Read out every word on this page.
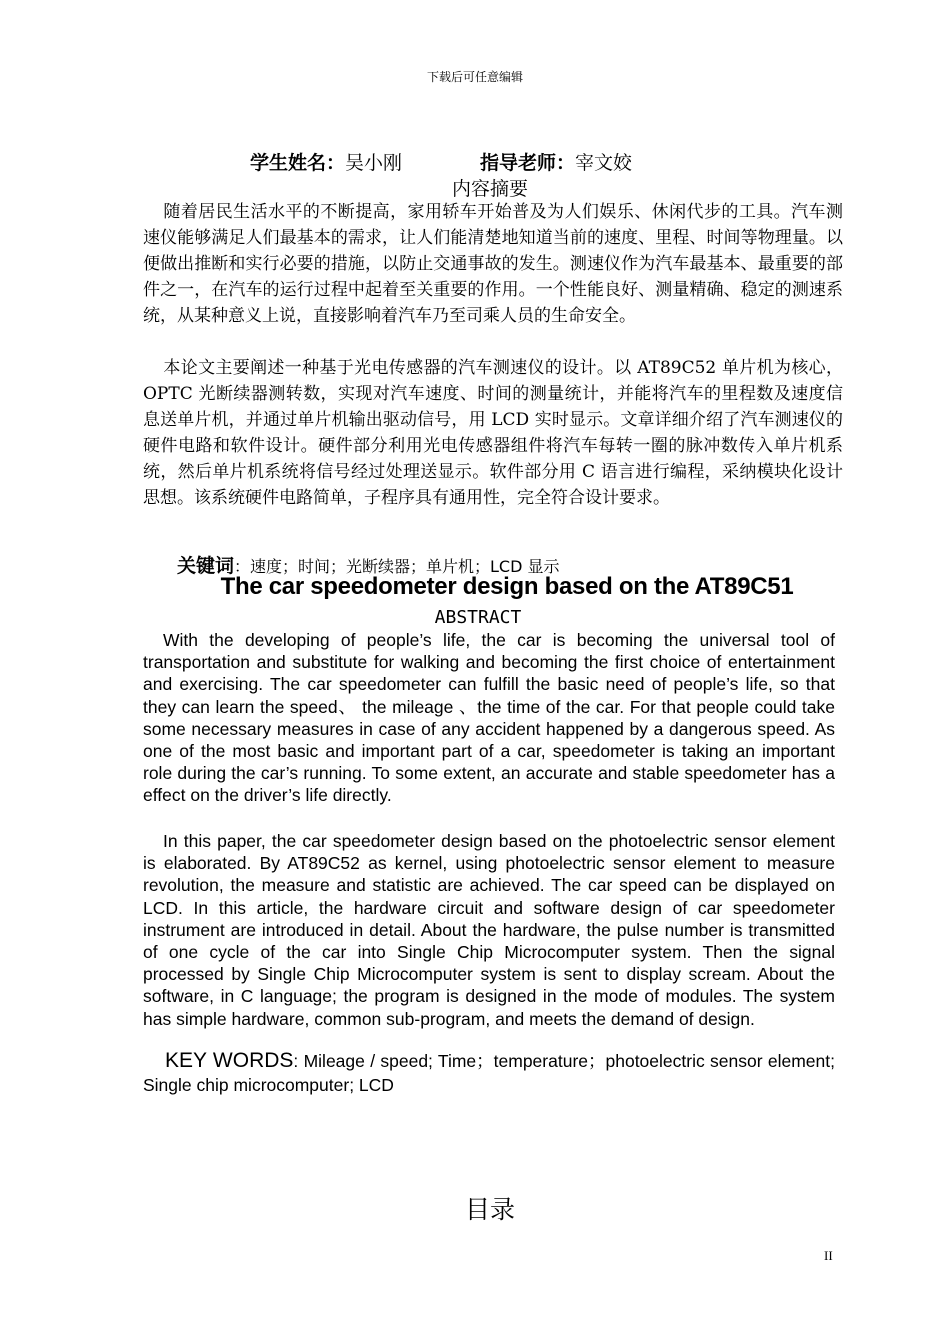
下载后可任意编辑
学生姓名：吴小刚	指导老师：宰文姣
内容摘要

随着居民生活水平的不断提高，家用轿车开始普及为人们娱乐、休闲代步的工具。汽车测速仪能够满足人们最基本的需求，让人们能清楚地知道当前的速度、里程、时间等物理量。以便做出推断和实行必要的措施，以防止交通事故的发生。测速仪作为汽车最基本、最重要的部件之一，在汽车的运行过程中起着至关重要的作用。一个性能良好、测量精确、稳定的测速系统，从某种意义上说，直接影响着汽车乃至司乘人员的生命安全。

本论文主要阐述一种基于光电传感器的汽车测速仪的设计。以 AT89C52 单片机为核心，OPTC 光断续器测转数，实现对汽车速度、时间的测量统计，并能将汽车的里程数及速度信息送单片机，并通过单片机输出驱动信号，用 LCD 实时显示。文章详细介绍了汽车测速仪的硬件电路和软件设计。硬件部分利用光电传感器组件将汽车每转一圈的脉冲数传入单片机系统，然后单片机系统将信号经过处理送显示。软件部分用 C 语言进行编程，采纳模块化设计思想。该系统硬件电路简单，子程序具有通用性，完全符合设计要求。

关键词：速度；时间；光断续器；单片机；LCD 显示
The car speedometer design based on the AT89C51
ABSTRACT

With the developing of people’s life, the car is becoming the universal tool of transportation and substitute for walking and becoming the first choice of entertainment and exercising. The car speedometer can fulfill the basic need of people’s life, so that they can learn the speed、 the mileage 、the time of the car. For that people could take some necessary measures in case of any accident happened by a dangerous speed. As one of the most basic and important part of a car, speedometer is taking an important role during the car’s running. To some extent, an accurate and stable speedometer has a effect on the driver’s life directly.

In this paper, the car speedometer design based on the photoelectric sensor element is elaborated. By AT89C52 as kernel, using photoelectric sensor element to measure revolution, the measure and statistic are achieved. The car speed can be displayed on LCD. In this article, the hardware circuit and software design of car speedometer instrument are introduced in detail. About the hardware, the pulse number is transmitted of one cycle of the car into Single Chip Microcomputer system. Then the signal processed by Single Chip Microcomputer system is sent to display scream. About the software, in C language; the program is designed in the mode of modules. The system has simple hardware, common sub-program, and meets the demand of design.

KEY WORDS: Mileage / speed; Time；temperature；photoelectric sensor element; Single chip microcomputer; LCD
目录
II
